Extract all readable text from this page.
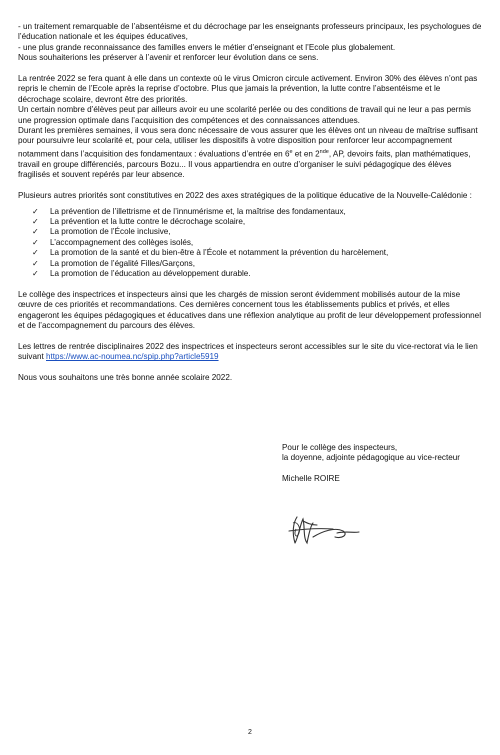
- un traitement remarquable de l’absentéisme et du décrochage par les enseignants professeurs principaux, les psychologues de l’éducation nationale et les équipes éducatives,

- une plus grande reconnaissance des familles envers le métier d’enseignant et l’Ecole plus globalement.

Nous souhaiterions les préserver à l’avenir et renforcer leur évolution dans ce sens.

La rentrée 2022 se fera quant à elle dans un contexte où le virus Omicron circule activement. Environ 30% des élèves n’ont pas repris le chemin de l’Ecole après la reprise d’octobre. Plus que jamais la prévention, la lutte contre l’absentéisme et le décrochage scolaire, devront être des priorités.

Un certain nombre d’élèves peut par ailleurs avoir eu une scolarité perlée ou des conditions de travail qui ne leur a pas permis une progression optimale dans l’acquisition des compétences et des connaissances attendues.

Durant les premières semaines, il vous sera donc nécessaire de vous assurer que les élèves ont un niveau de maîtrise suffisant pour poursuivre leur scolarité et, pour cela, utiliser les dispositifs à votre disposition pour renforcer leur accompagnement notamment dans l’acquisition des fondamentaux : évaluations d’entrée en 6e et en 2nde, AP, devoirs faits, plan mathématiques, travail en groupe différenciés, parcours Bozu... Il vous appartiendra en outre d’organiser le suivi pédagogique des élèves fragilisés et souvent repérés par leur absence.

Plusieurs autres priorités sont constitutives en 2022 des axes stratégiques de la politique éducative de la Nouvelle-Calédonie :

✓ La prévention de l’illettrisme et de l’innumérisme et, la maîtrise des fondamentaux,
✓ La prévention et la lutte contre le décrochage scolaire,
✓ La promotion de l’École inclusive,
✓ L’accompagnement des collèges isolés,
✓ La promotion de la santé et du bien-être à l’École et notamment la prévention du harcèlement,
✓ La promotion de l’égalité Filles/Garçons,
✓ La promotion de l’éducation au développement durable.

Le collège des inspectrices et inspecteurs ainsi que les chargés de mission seront évidemment mobilisés autour de la mise œuvre de ces priorités et recommandations. Ces dernières concernent tous les établissements publics et privés, et elles engageront les équipes pédagogiques et éducatives dans une réflexion analytique au profit de leur développement professionnel et de l’accompagnement du parcours des élèves.

Les lettres de rentrée disciplinaires 2022 des inspectrices et inspecteurs seront accessibles sur le site du vice-rectorat via le lien suivant https://www.ac-noumea.nc/spip.php?article5919

Nous vous souhaitons une très bonne année scolaire 2022.

Pour le collège des inspecteurs,

la doyenne, adjointe pédagogique au vice-recteur

Michelle ROIRE

2
